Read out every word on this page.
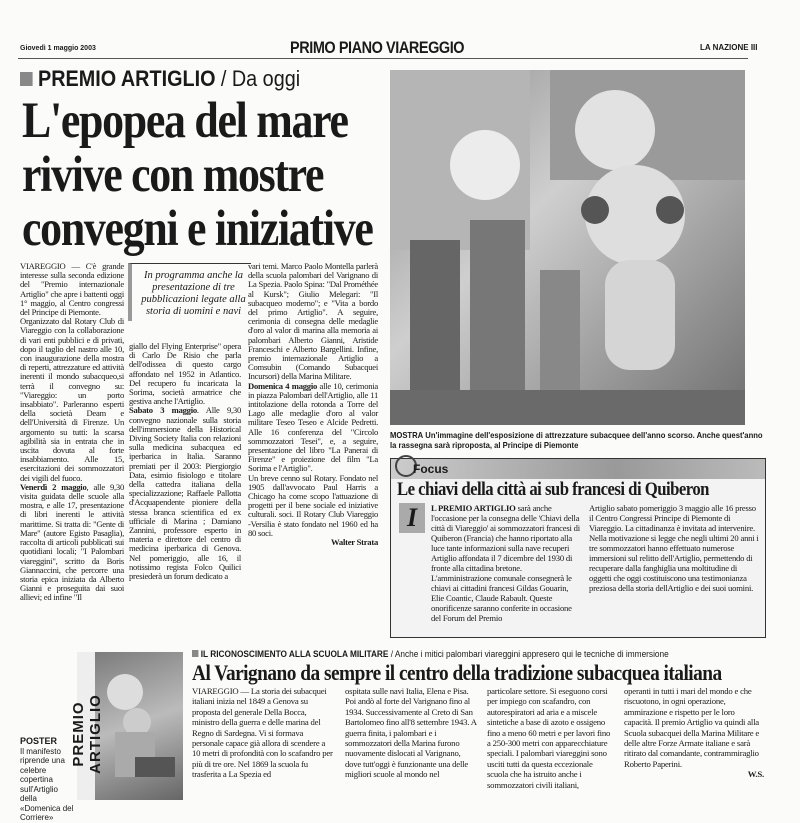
Giovedì 1 maggio 2003	PRIMO PIANO VIAREGGIO	LA NAZIONE III
PREMIO ARTIGLIO / Da oggi
L'epopea del mare
rivive con mostre
convegni e iniziative

VIAREGGIO — C'è grande interesse sulla seconda edizione del "Premio internazionale Artiglio" che apre i battenti oggi 1° maggio, al Centro congressi del Principe di Piemonte.

Organizzato dal Rotary Club di Viareggio con la collaborazione di vari enti pubblici e di privati, dopo il taglio del nastro alle 10, con inaugurazione della mostra di reperti, attrezzature ed attività inerenti il mondo subacqueo,si terrà il convegno su: "Viareggio: un porto insabbiato". Parleranno esperti della società Deam e dell'Università di Firenze. Un argomento su tutti: la scarsa agibilità sia in entrata che in uscita dovuta al forte insabbiamento. Alle 15, esercitazioni dei sommozzatori dei vigili del fuoco.

Venerdì 2 maggio, alle 9,30 visita guidata delle scuole alla mostra, e alle 17, presentazione di libri inerenti le attività marittime. Si tratta di: "Gente di Mare" (autore Egisto Pasaglia), raccolta di articoli pubblicati sui quotidiani locali; "I Palombari viareggini", scritto da Boris Giannaccini, che percorre una storia epica iniziata da Alberto Gianni e proseguita dai suoi allievi; ed infine "Il

In programma anche la presentazione di tre pubblicazioni legate alla storia di uomini e navi

giallo del Flying Enterprise" opera di Carlo De Risio che parla dell'odissea di questo cargo affondato nel 1952 in Atlantico. Del recupero fu incaricata la Sorima, società armatrice che gestiva anche l'Artiglio.

Sabato 3 maggio. Alle 9,30 convegno nazionale sulla storia dell'immersione della Historical Diving Society Italia con relazioni sulla medicina subacquea ed iperbarica in Italia. Saranno premiati per il 2003: Piergiorgio Data, esimio fisiologo e titolare della cattedra italiana della specializzazione; Raffaele Pallotta d'Acquapendente pioniere della stessa branca scientifica ed ex ufficiale di Marina ; Damiano Zannini, professore esperto in materia e direttore del centro di medicina iperbarica di Genova. Nel pomeriggio, alle 16, il notissimo regista Folco Quilici presiederà un forum dedicato a

vari temi. Marco Paolo Montella parlerà della scuola palombari del Varignano di La Spezia. Paolo Spina: "Dal Prométhée al Kursk"; Giulio Melegari: "Il subacqueo moderno"; e "Vita a bordo del primo Artiglio". A seguire, cerimonia di consegna delle medaglie d'oro al valor di marina alla memoria ai palombari Alberto Gianni, Aristide Franceschi e Alberto Bargellini. Infine, premio internazionale Artiglio a Comsubin (Comando Subacquei Incursori) della Marina Militare.

Domenica 4 maggio alle 10, cerimonia in piazza Palombari dell'Artiglio, alle 11 intitolazione della rotonda a Torre del Lago alle medaglie d'oro al valor militare Teseo Teseo e Alcide Pedretti. Alle 16 conferenza del "Circolo sommozzatori Tesei", e, a seguire, presentazione del libro "La Panerai di Firenze" e proiezione del film "La Sorima e l'Artiglio".

Un breve cenno sul Rotary. Fondato nel 1905 dall'avvocato Paul Harris a Chicago ha come scopo l'attuazione di progetti per il bene sociale ed iniziative culturali. soci. Il Rotary Club Viareggio -Versilia è stato fondato nel 1960 ed ha 80 soci.

Walter Strata

MOSTRA Un'immagine dell'esposizione di attrezzature subacquee dell'anno scorso. Anche quest'anno la rassegna sarà riproposta, al Principe di Piemonte
Focus
Le chiavi della città ai sub francesi di Quiberon
I	L PREMIO ARTIGLIO sarà anche l'occasione per la consegna delle 'Chiavi della città di Viareggio' ai sommozzatori francesi di Quiberon (Francia) che hanno riportato alla luce tante informazioni sulla nave recuperi Artiglio affondata il 7 dicembre del 1930 di fronte alla cittadina bretone. L'amministrazione comunale consegnerà le chiavi ai cittadini francesi Gildas Gouarin, Elie Coantic, Claude Rabault. Queste onorificenze saranno conferite in occasione del Forum del Premio
Artiglio sabato pomeriggio 3 maggio alle 16 presso il Centro Congressi Principe di Piemonte di Viareggio. La cittadinanza è invitata ad intervenire. Nella motivazione si legge che negli ultimi 20 anni i tre sommozzatori hanno effettuato numerose immersioni sul relitto dell'Artiglio, permettendo di recuperare dalla fanghiglia una moltitudine di oggetti che oggi costituiscono una testimonianza preziosa della storia dellArtiglio e dei suoi uomini.
POSTER
Il manifesto riprende una celebre copertina sull'Artiglio della «Domenica del Corriere»
PREMIO ARTIGLIO
IL RICONOSCIMENTO ALLA SCUOLA MILITARE / Anche i mitici palombari viareggini appresero qui le tecniche di immersione
Al Varignano da sempre il centro della tradizione subacquea italiana
VIAREGGIO — La storia dei subacquei italiani inizia nel 1849 a Genova su proposta del generale Della Bocca, ministro della guerra e delle marina del Regno di Sardegna. Vi si formava personale capace già allora di scendere a 10 metri di profondità con lo scafandro per più di tre ore. Nel 1869 la scuola fu trasferita a La Spezia ed
ospitata sulle navi Italia, Elena e Pisa. Poi andò al forte del Varignano fino al 1934. Successivamente al Creto di San Bartolomeo fino all'8 settembre 1943. A guerra finita, i palombari e i sommozzatori della Marina furono nuovamente dislocati al Varignano, dove tutt'oggi è funzionante una delle migliori scuole al mondo nel
particolare settore. Si eseguono corsi per impiego con scafandro, con autorespiratori ad aria e a miscele sintetiche a base di azoto e ossigeno fino a meno 60 metri e per lavori fino a 250-300 metri con apparecchiature speciali. I palombari viareggini sono usciti tutti da questa eccezionale scuola che ha istruito anche i sommozzatori civili italiani,
operanti in tutti i mari del mondo e che riscuotono, in ogni operazione, ammirazione e rispetto per le loro capacità. Il premio Artiglio va quindi alla Scuola subacquei della Marina Militare e delle altre Forze Armate italiane e sarà ritirato dal comandante, contrammiraglio Roberto Paperini.
W.S.
